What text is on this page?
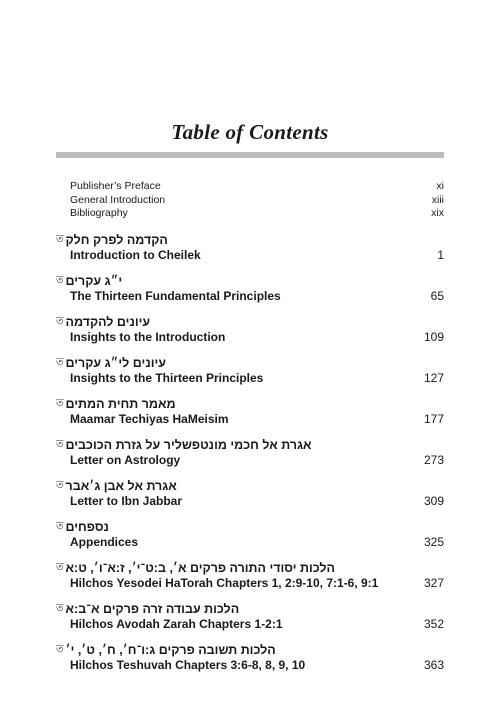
Table of Contents
Publisher’s Preface	xi
General Introduction	xiii
Bibliography	xix
ত הקדמה לפרק חלק
Introduction to Cheilek	1
ত י״ג עקרים
The Thirteen Fundamental Principles	65
ত עיונים להקדמה
Insights to the Introduction	109
ত עיונים לי״ג עקרים
Insights to the Thirteen Principles	127
ত מאמר תחית המתים
Maamar Techiyas HaMeisim	177
ত אגרת אל חכמי מונטפשליר על גזרת הכוכבים
Letter on Astrology	273
ত אגרת אל אבן ג׳אבר
Letter to Ibn Jabbar	309
ত נספחים
Appendices	325
ত הלכות יסודי התורה פרקים א׳, ב:ט־י׳, ז:א־ו׳, ט:א
Hilchos Yesodei HaTorah Chapters 1, 2:9-10, 7:1-6, 9:1	327
ত הלכות עבודה זרה פרקים א־ב:א
Hilchos Avodah Zarah Chapters 1-2:1	352
ত הלכות תשובה פרקים ג:ו־ח׳, ח׳, ט׳, י׳
Hilchos Teshuvah Chapters 3:6-8, 8, 9, 10	363
